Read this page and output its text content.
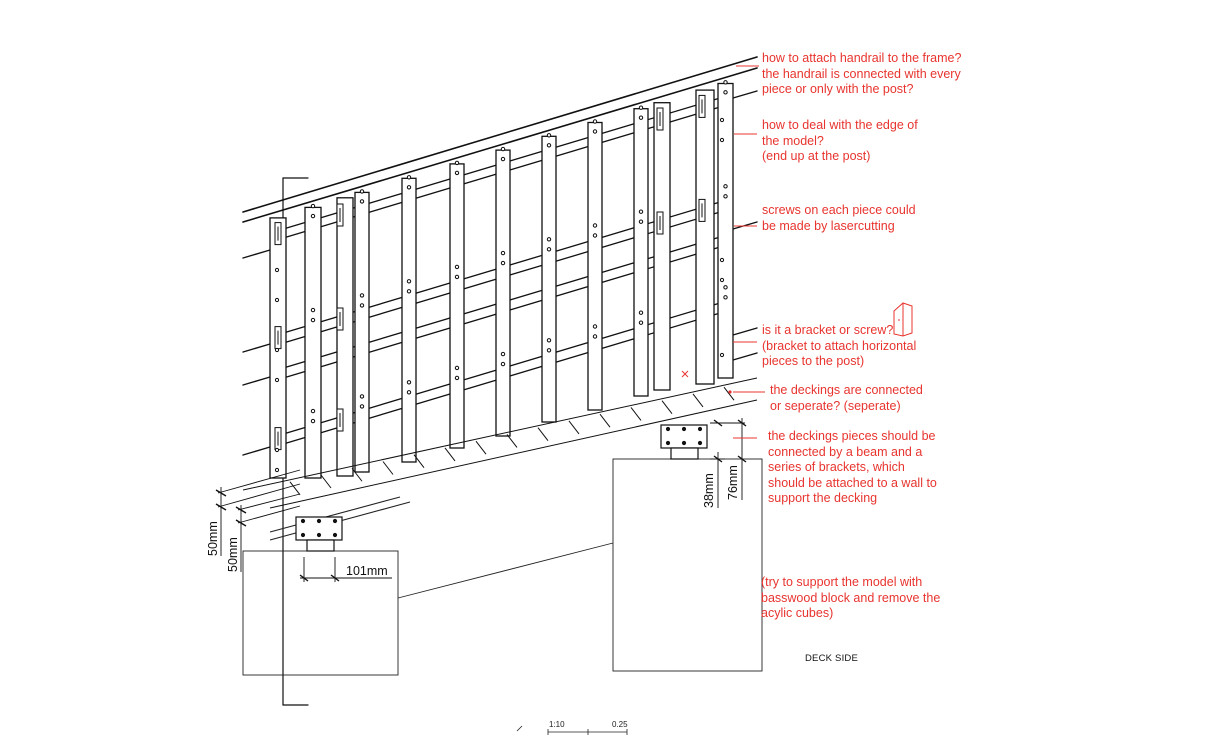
50mm 50mm	101mm
38mm 76mm
1:10	0.25
how to attach handrail to the frame?
the handrail is connected with every
piece or only with the post?
how to deal with the edge of
the model?
(end up at the post)
screws on each piece could
be made by lasercutting
is it a bracket or screw?
(bracket to attach horizontal
pieces to the post)
the deckings are connected
or seperate? (seperate)
the deckings pieces should be
connected by a beam and a
series of brackets, which
should be attached to a wall to
support the decking
(try to support the model with
basswood block and remove the
acylic cubes)
DECK SIDE
